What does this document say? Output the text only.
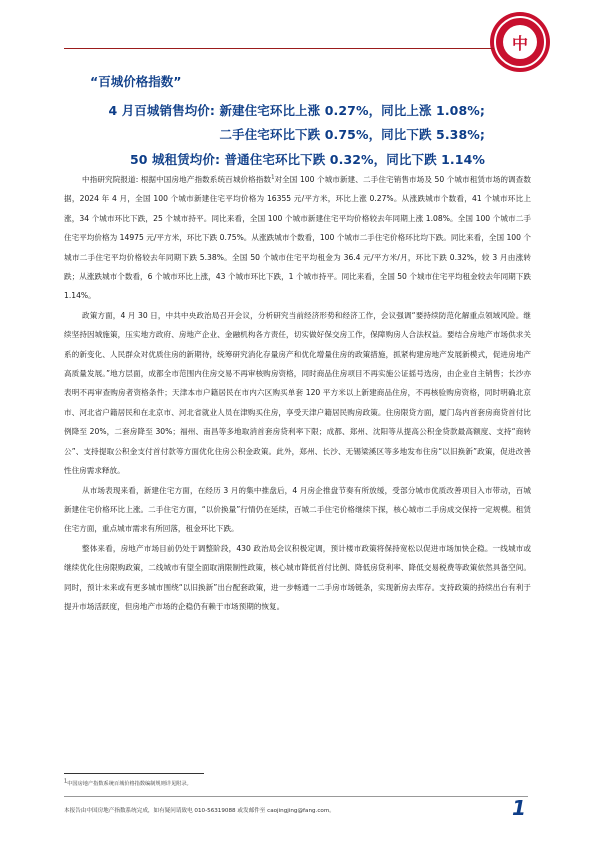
中
“百城价格指数”
4 月百城销售均价: 新建住宅环比上涨 0.27%，同比上涨 1.08%;
二手住宅环比下跌 0.75%，同比下跌 5.38%;
50 城租赁均价: 普通住宅环比下跌 0.32%，同比下跌 1.14%

中指研究院报道: 根据中国房地产指数系统百城价格指数$^1$对全国 100 个城市新建、二手住宅销售市场及 50 个城市租赁市场的调查数据，2024 年 4 月，全国 100 个城市新建住宅平均价格为 16355 元/平方米，环比上涨 0.27%。从涨跌城市个数看，41 个城市环比上涨，34 个城市环比下跌，25 个城市持平。同比来看，全国 100 个城市新建住宅平均价格较去年同期上涨 1.08%。全国 100 个城市二手住宅平均价格为 14975 元/平方米，环比下跌 0.75%。从涨跌城市个数看，100 个城市二手住宅价格环比均下跌。同比来看，全国 100 个城市二手住宅平均价格较去年同期下跌 5.38%。全国 50 个城市住宅平均租金为 36.4 元/平方米/月，环比下跌 0.32%，较 3 月由涨转跌；从涨跌城市个数看，6 个城市环比上涨，43 个城市环比下跌，1 个城市持平。同比来看，全国 50 个城市住宅平均租金较去年同期下跌 1.14%。

政策方面，4 月 30 日，中共中央政治局召开会议，分析研究当前经济形势和经济工作，会议强调“要持续防范化解重点领域风险。继续坚持因城施策，压实地方政府、房地产企业、金融机构各方责任，切实做好保交房工作，保障购房人合法权益。要结合房地产市场供求关系的新变化、人民群众对优质住房的新期待，统筹研究消化存量房产和优化增量住房的政策措施，抓紧构建房地产发展新模式，促进房地产高质量发展。”地方层面，成都全市范围内住房交易不再审核购房资格，同时商品住房项目不再实施公证摇号选房，由企业自主销售；长沙亦表明不再审查购房者资格条件；天津本市户籍居民在市内六区购买单套 120 平方米以上新建商品住房，不再核验购房资格，同时明确北京市、河北省户籍居民和在北京市、河北省就业人员在津购买住房，享受天津户籍居民购房政策。住房限贷方面，厦门岛内首套房商贷首付比例降至 20%，二套房降至 30%；福州、南昌等多地取消首套房贷利率下限；成都、郑州、沈阳等从提高公积金贷款最高额度、支持“商转公”、支持提取公积金支付首付款等方面优化住房公积金政策。此外，郑州、长沙、无锡梁溪区等多地发布住房“以旧换新”政策，促进改善性住房需求释放。

从市场表现来看，新建住宅方面，在经历 3 月的集中推盘后，4 月房企推盘节奏有所放缓，受部分城市优质改善项目入市带动，百城新建住宅价格环比上涨。二手住宅方面，“以价换量”行情仍在延续，百城二手住宅价格继续下探，核心城市二手房成交保持一定规模。租赁住宅方面，重点城市需求有所回落，租金环比下跌。

整体来看，房地产市场目前仍处于调整阶段，430 政治局会议积极定调，预计楼市政策将保持宽松以促进市场加快企稳。一线城市或继续优化住房限购政策，二线城市有望全面取消限制性政策，核心城市降低首付比例、降低房贷利率、降低交易税费等政策依然具备空间。同时，预计未来或有更多城市围绕“以旧换新”出台配套政策，进一步畅通一二手房市场链条，实现新房去库存。支持政策的持续出台有利于提升市场活跃度，但房地产市场的企稳仍有赖于市场预期的恢复。

1中国房地产指数系统百城价格指数编制规则详见附录。
本报告由中国房地产指数系统完成，如有疑问请致电 010-56319088 或发邮件至 caojingjing@fang.com。	1
